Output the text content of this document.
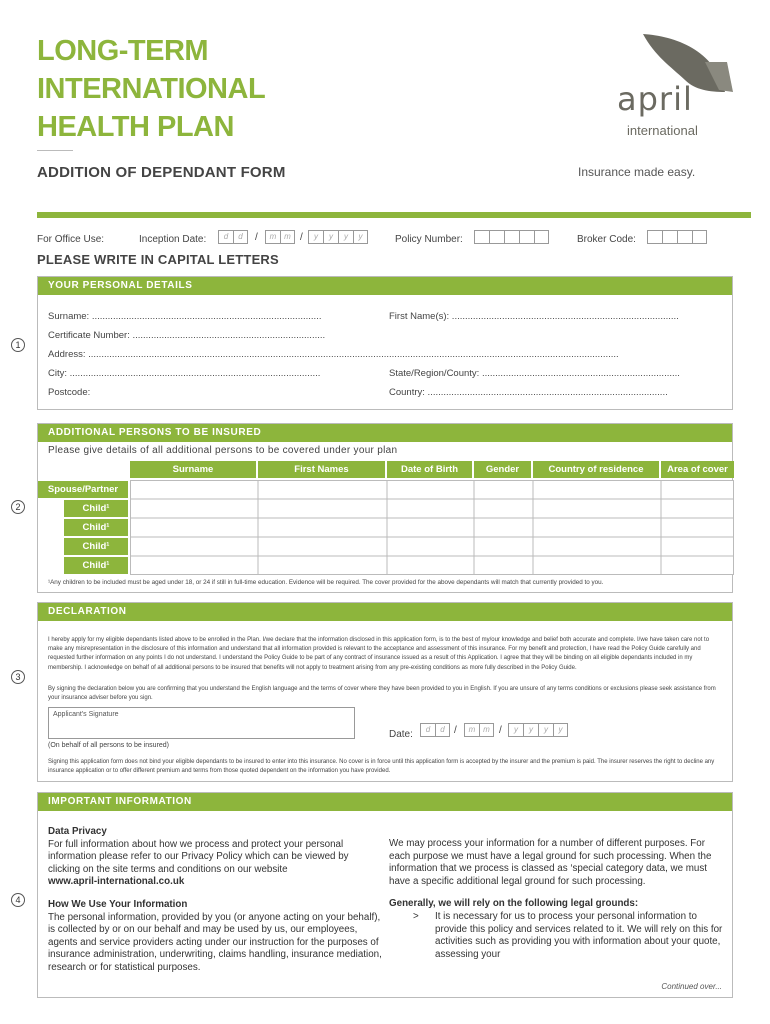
LONG-TERM
INTERNATIONAL
HEALTH PLAN
ADDITION OF DEPENDANT FORM
april
international
Insurance made easy.
For Office Use:	Inception Date:	d	d	/	m m /	y	y	y	y	Policy Number:	Broker Code:
PLEASE WRITE IN CAPITAL LETTERS
1
YOUR PERSONAL DETAILS
Surname: .......................................................................................	First Name(s): ......................................................................................
Certificate Number: .........................................................................
Address: .........................................................................................................................................................................................................
City: ...............................................................................................	State/Region/County: ...........................................................................
Postcode:	Country: ...........................................................................................
2
ADDITIONAL PERSONS TO BE INSURED
Please give details of all additional persons to be covered under your plan
Surname	First Names	Date of Birth	Gender	Country of residence	Area of cover
Spouse/Partner
Child¹
Child¹
Child¹
Child¹
¹Any children to be included must be aged under 18, or 24 if still in full-time education. Evidence will be required. The cover provided for the above dependants will match that currently provided to you.
3
DECLARATION
I hereby apply for my eligible dependants listed above to be enrolled in the Plan. I/we declare that the information disclosed in this application form, is to the best of my/our knowledge and belief both accurate and complete. I/we have taken care not to make any misrepresentation in the disclosure of this information and understand that all information provided is relevant to the acceptance and assessment of this insurance. For my benefit and protection, I have read the Policy Guide carefully and requested further information on any points I do not understand. I understand the Policy Guide to be part of any contract of insurance issued as a result of this Application. I agree that they will be binding on all eligible dependants included in my membership. I acknowledge on behalf of all additional persons to be insured that benefits will not apply to treatment arising from any pre-existing conditions as more fully described in the Policy Guide.
By signing the declaration below you are confirming that you understand the English language and the terms of cover where they have been provided to you in English. If you are unsure of any terms conditions or exclusions please seek assistance from your insurance adviser before you sign.
Applicant's Signature
(On behalf of all persons to be insured)
Date:	d	d /	m m /	y	y	y	y
Signing this application form does not bind your eligible dependants to be insured to enter into this insurance. No cover is in force until this application form is accepted by the insurer and the premium is paid. The insurer reserves the right to decline any insurance application or to offer different premium and terms from those quoted dependent on the information you have provided.
4
IMPORTANT INFORMATION
Data Privacy
For full information about how we process and protect your personal information please refer to our Privacy Policy which can be viewed by clicking on the site terms and conditions on our website
www.april-international.co.uk
How We Use Your Information
The personal information, provided by you (or anyone acting on your behalf), is collected by or on our behalf and may be used by us, our employees, agents and service providers acting under our instruction for the purposes of insurance administration, underwriting, claims handling, insurance mediation, research or for statistical purposes.
We may process your information for a number of different purposes. For each purpose we must have a legal ground for such processing. When the information that we process is classed as ‘special category data, we must have a specific additional legal ground for such processing.
Generally, we will rely on the following legal grounds:
> It is necessary for us to process your personal information to provide this policy and services related to it. We will rely on this for activities such as providing you with information about your quote, assessing your
Continued over...
